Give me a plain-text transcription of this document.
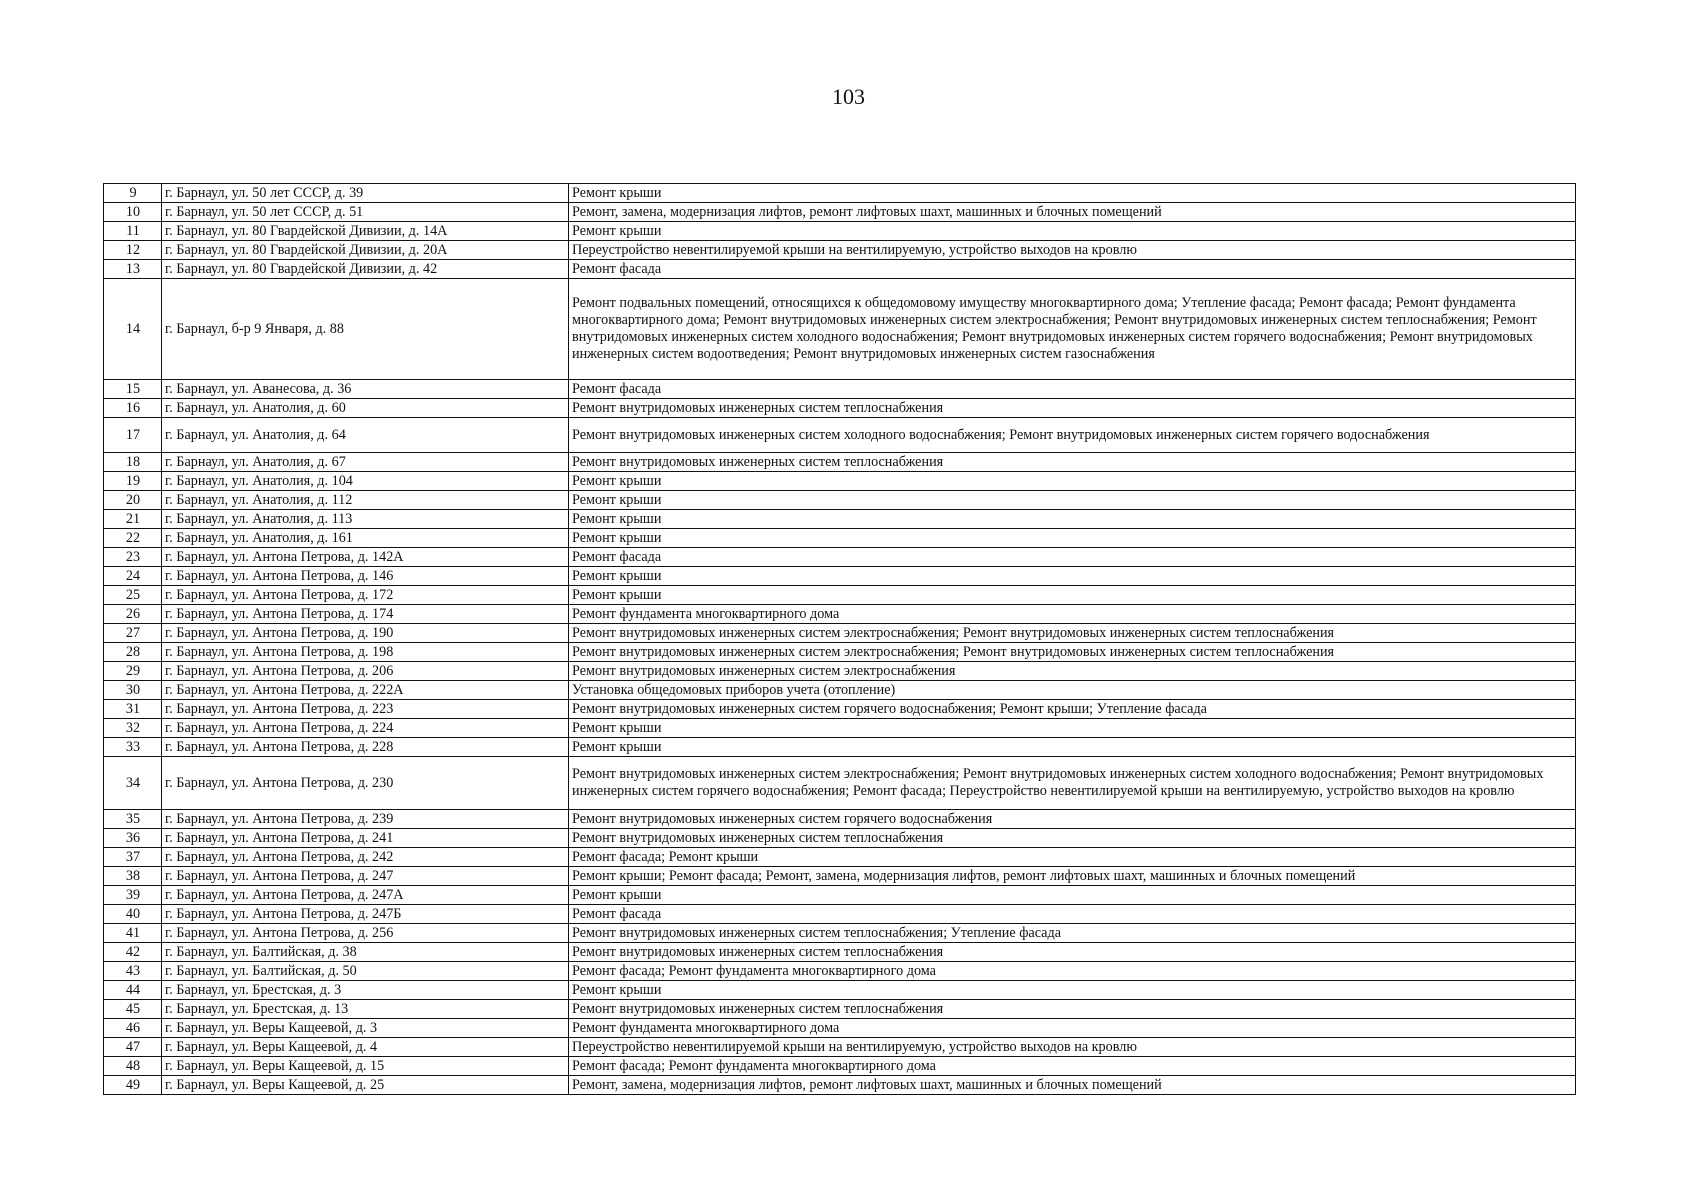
103
9	г. Барнаул, ул. 50 лет СССР, д. 39	Ремонт крыши
10	г. Барнаул, ул. 50 лет СССР, д. 51	Ремонт, замена, модернизация лифтов, ремонт лифтовых шахт, машинных и блочных помещений
11	г. Барнаул, ул. 80 Гвардейской Дивизии, д. 14А	Ремонт крыши
12	г. Барнаул, ул. 80 Гвардейской Дивизии, д. 20А	Переустройство невентилируемой крыши на вентилируемую, устройство выходов на кровлю
13	г. Барнаул, ул. 80 Гвардейской Дивизии, д. 42	Ремонт фасада
14	г. Барнаул, б-р 9 Января, д. 88	Ремонт подвальных помещений, относящихся к общедомовому имуществу многоквартирного дома; Утепление фасада; Ремонт фасада; Ремонт фундамента многоквартирного дома; Ремонт внутридомовых инженерных систем электроснабжения; Ремонт внутридомовых инженерных систем теплоснабжения; Ремонт внутридомовых инженерных систем холодного водоснабжения; Ремонт внутридомовых инженерных систем горячего водоснабжения; Ремонт внутридомовых инженерных систем водоотведения; Ремонт внутридомовых инженерных систем газоснабжения
15	г. Барнаул, ул. Аванесова, д. 36	Ремонт фасада
16	г. Барнаул, ул. Анатолия, д. 60	Ремонт внутридомовых инженерных систем теплоснабжения
17	г. Барнаул, ул. Анатолия, д. 64	Ремонт внутридомовых инженерных систем холодного водоснабжения; Ремонт внутридомовых инженерных систем горячего водоснабжения
18	г. Барнаул, ул. Анатолия, д. 67	Ремонт внутридомовых инженерных систем теплоснабжения
19	г. Барнаул, ул. Анатолия, д. 104	Ремонт крыши
20	г. Барнаул, ул. Анатолия, д. 112	Ремонт крыши
21	г. Барнаул, ул. Анатолия, д. 113	Ремонт крыши
22	г. Барнаул, ул. Анатолия, д. 161	Ремонт крыши
23	г. Барнаул, ул. Антона Петрова, д. 142А	Ремонт фасада
24	г. Барнаул, ул. Антона Петрова, д. 146	Ремонт крыши
25	г. Барнаул, ул. Антона Петрова, д. 172	Ремонт крыши
26	г. Барнаул, ул. Антона Петрова, д. 174	Ремонт фундамента многоквартирного дома
27	г. Барнаул, ул. Антона Петрова, д. 190	Ремонт внутридомовых инженерных систем электроснабжения; Ремонт внутридомовых инженерных систем теплоснабжения
28	г. Барнаул, ул. Антона Петрова, д. 198	Ремонт внутридомовых инженерных систем электроснабжения; Ремонт внутридомовых инженерных систем теплоснабжения
29	г. Барнаул, ул. Антона Петрова, д. 206	Ремонт внутридомовых инженерных систем электроснабжения
30	г. Барнаул, ул. Антона Петрова, д. 222А	Установка общедомовых приборов учета (отопление)
31	г. Барнаул, ул. Антона Петрова, д. 223	Ремонт внутридомовых инженерных систем горячего водоснабжения; Ремонт крыши; Утепление фасада
32	г. Барнаул, ул. Антона Петрова, д. 224	Ремонт крыши
33	г. Барнаул, ул. Антона Петрова, д. 228	Ремонт крыши
34	г. Барнаул, ул. Антона Петрова, д. 230	Ремонт внутридомовых инженерных систем электроснабжения; Ремонт внутридомовых инженерных систем холодного водоснабжения; Ремонт внутридомовых инженерных систем горячего водоснабжения; Ремонт фасада; Переустройство невентилируемой крыши на вентилируемую, устройство выходов на кровлю
35	г. Барнаул, ул. Антона Петрова, д. 239	Ремонт внутридомовых инженерных систем горячего водоснабжения
36	г. Барнаул, ул. Антона Петрова, д. 241	Ремонт внутридомовых инженерных систем теплоснабжения
37	г. Барнаул, ул. Антона Петрова, д. 242	Ремонт фасада; Ремонт крыши
38	г. Барнаул, ул. Антона Петрова, д. 247	Ремонт крыши; Ремонт фасада; Ремонт, замена, модернизация лифтов, ремонт лифтовых шахт, машинных и блочных помещений
39	г. Барнаул, ул. Антона Петрова, д. 247А	Ремонт крыши
40	г. Барнаул, ул. Антона Петрова, д. 247Б	Ремонт фасада
41	г. Барнаул, ул. Антона Петрова, д. 256	Ремонт внутридомовых инженерных систем теплоснабжения; Утепление фасада
42	г. Барнаул, ул. Балтийская, д. 38	Ремонт внутридомовых инженерных систем теплоснабжения
43	г. Барнаул, ул. Балтийская, д. 50	Ремонт фасада; Ремонт фундамента многоквартирного дома
44	г. Барнаул, ул. Брестская, д. 3	Ремонт крыши
45	г. Барнаул, ул. Брестская, д. 13	Ремонт внутридомовых инженерных систем теплоснабжения
46	г. Барнаул, ул. Веры Кащеевой, д. 3	Ремонт фундамента многоквартирного дома
47	г. Барнаул, ул. Веры Кащеевой, д. 4	Переустройство невентилируемой крыши на вентилируемую, устройство выходов на кровлю
48	г. Барнаул, ул. Веры Кащеевой, д. 15	Ремонт фасада; Ремонт фундамента многоквартирного дома
49	г. Барнаул, ул. Веры Кащеевой, д. 25	Ремонт, замена, модернизация лифтов, ремонт лифтовых шахт, машинных и блочных помещений
